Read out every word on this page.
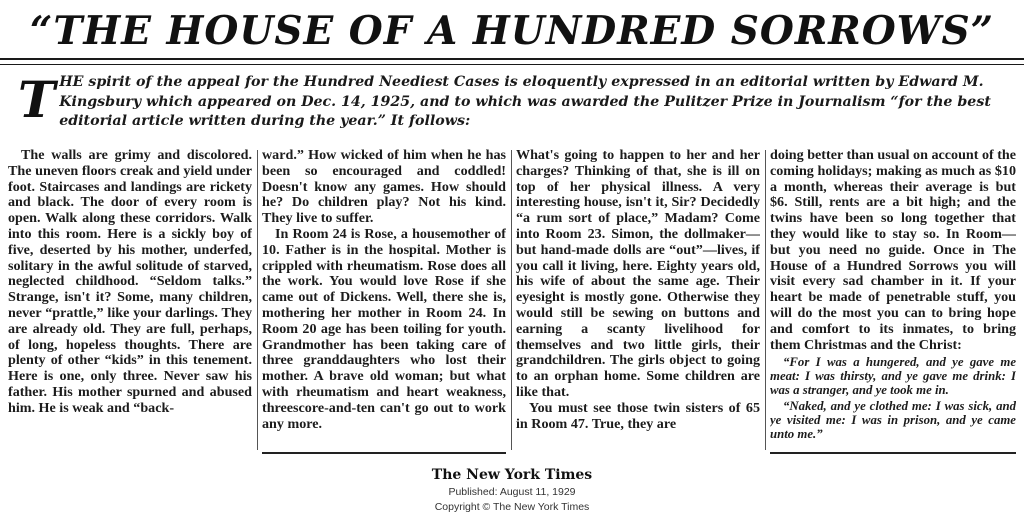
“THE HOUSE OF A HUNDRED SORROWS”
T HE spirit of the appeal for the Hundred Neediest Cases is eloquently expressed in an editorial written by Edward M. Kingsbury which appeared on Dec. 14, 1925, and to which was awarded the Pulitzer Prize in Journalism “for the best editorial article written during the year.” It follows:

The walls are grimy and discolored. The uneven floors creak and yield under foot. Staircases and landings are rickety and black. The door of every room is open. Walk along these corridors. Walk into this room. Here is a sickly boy of five, deserted by his mother, underfed, solitary in the awful solitude of starved, neglected childhood. “Seldom talks.” Strange, isn't it? Some, many children, never “prattle,” like your darlings. They are already old. They are full, perhaps, of long, hopeless thoughts. There are plenty of other “kids” in this tenement. Here is one, only three. Never saw his father. His mother spurned and abused him. He is weak and “back-

ward.” How wicked of him when he has been so encouraged and coddled! Doesn't know any games. How should he? Do children play? Not his kind. They live to suffer.

In Room 24 is Rose, a housemother of 10. Father is in the hospital. Mother is crippled with rheumatism. Rose does all the work. You would love Rose if she came out of Dickens. Well, there she is, mothering her mother in Room 24. In Room 20 age has been toiling for youth. Grandmother has been taking care of three granddaughters who lost their mother. A brave old woman; but what with rheumatism and heart weakness, threescore-and-ten can't go out to work any more.

What's going to happen to her and her charges? Thinking of that, she is ill on top of her physical illness. A very interesting house, isn't it, Sir? Decidedly “a rum sort of place,” Madam? Come into Room 23. Simon, the dollmaker—but hand-made dolls are “out”—lives, if you call it living, here. Eighty years old, his wife of about the same age. Their eyesight is mostly gone. Otherwise they would still be sewing on buttons and earning a scanty livelihood for themselves and two little girls, their grandchildren. The girls object to going to an orphan home. Some children are like that.

You must see those twin sisters of 65 in Room 47. True, they are

doing better than usual on account of the coming holidays; making as much as $10 a month, whereas their average is but $6. Still, rents are a bit high; and the twins have been so long together that they would like to stay so. In Room— but you need no guide. Once in The House of a Hundred Sorrows you will visit every sad chamber in it. If your heart be made of penetrable stuff, you will do the most you can to bring hope and comfort to its inmates, to bring them Christmas and the Christ:

“For I was a hungered, and ye gave me meat: I was thirsty, and ye gave me drink: I was a stranger, and ye took me in.

“Naked, and ye clothed me: I was sick, and ye visited me: I was in prison, and ye came unto me.”

The New York Times
Published: August 11, 1929
Copyright © The New York Times
